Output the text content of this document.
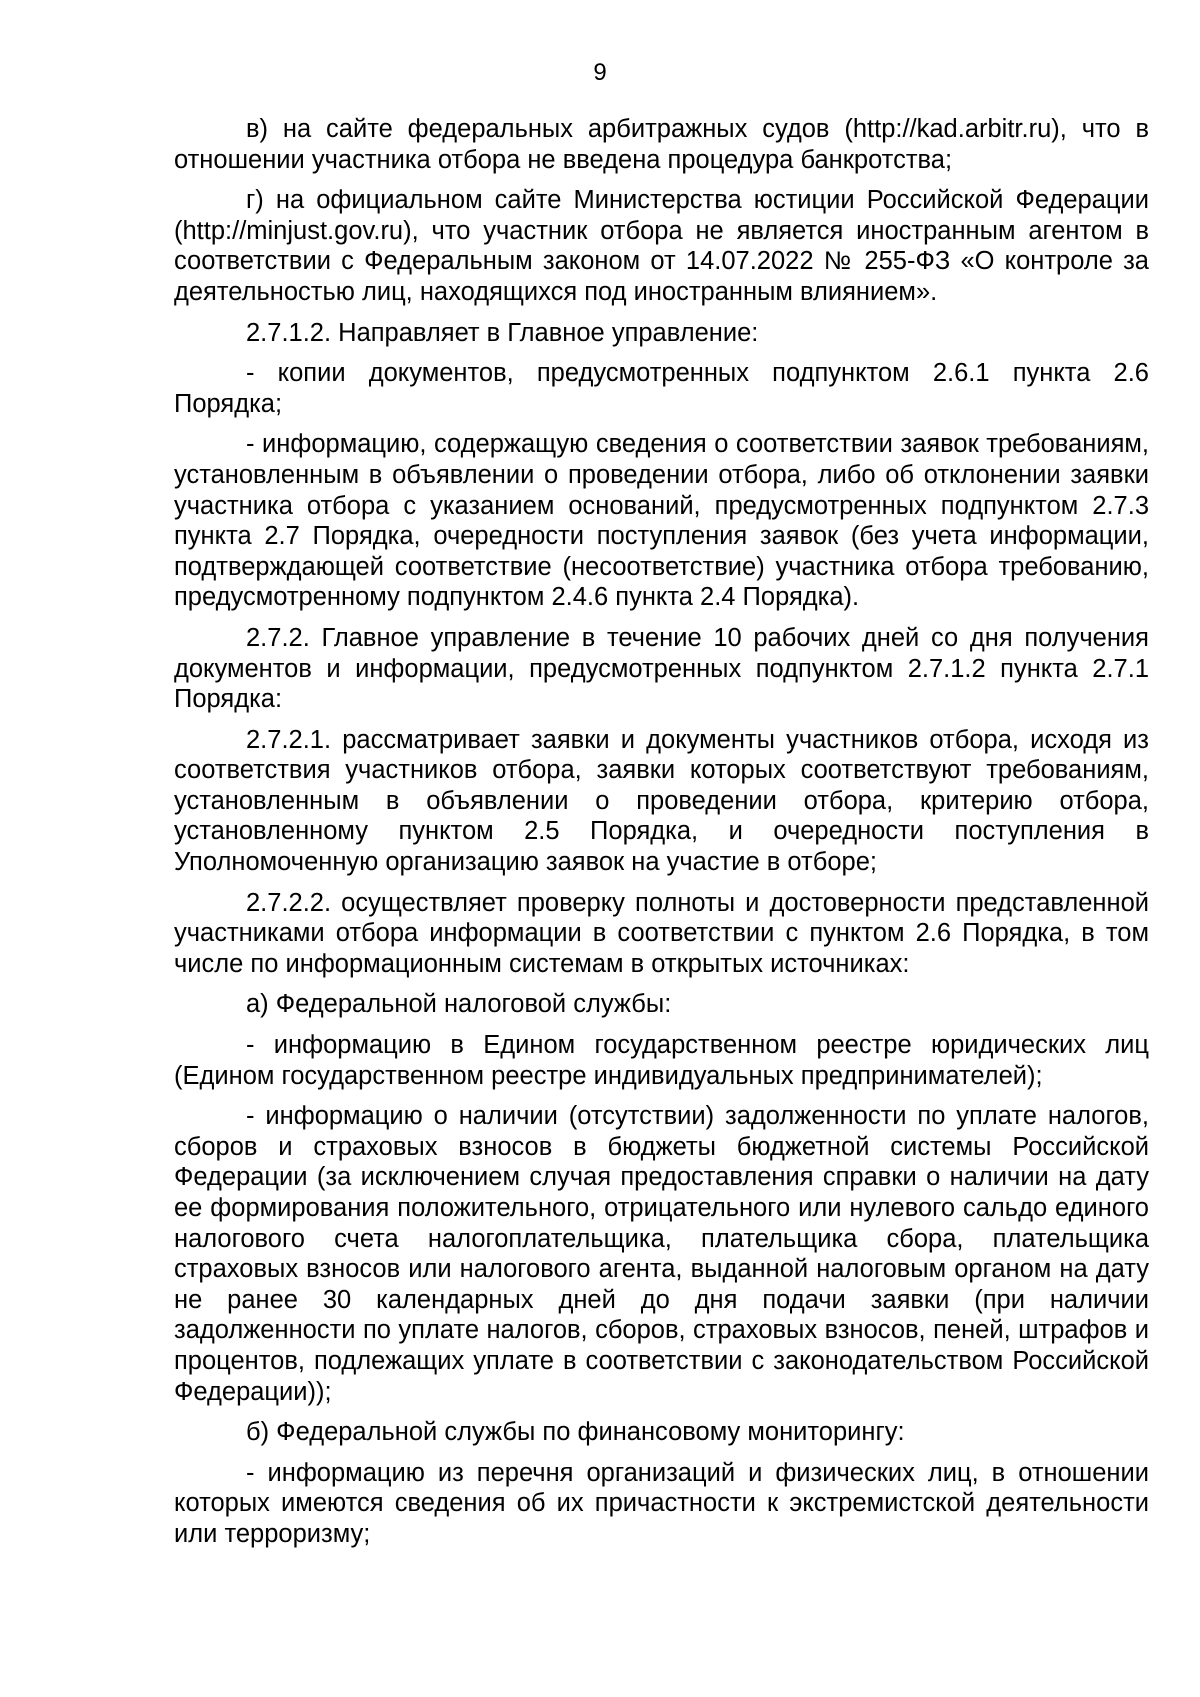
9

в) на сайте федеральных арбитражных судов (http://kad.arbitr.ru), что в отношении участника отбора не введена процедура банкротства;

г) на официальном сайте Министерства юстиции Российской Федерации (http://minjust.gov.ru), что участник отбора не является иностранным агентом в соответствии с Федеральным законом от 14.07.2022 № 255-ФЗ «О контроле за деятельностью лиц, находящихся под иностранным влиянием».

2.7.1.2. Направляет в Главное управление:

- копии документов, предусмотренных подпунктом 2.6.1 пункта 2.6 Порядка;

- информацию, содержащую сведения о соответствии заявок требованиям, установленным в объявлении о проведении отбора, либо об отклонении заявки участника отбора с указанием оснований, предусмотренных подпунктом 2.7.3 пункта 2.7 Порядка, очередности поступления заявок (без учета информации, подтверждающей соответствие (несоответствие) участника отбора требованию, предусмотренному подпунктом 2.4.6 пункта 2.4 Порядка).

2.7.2. Главное управление в течение 10 рабочих дней со дня получения документов и информации, предусмотренных подпунктом 2.7.1.2 пункта 2.7.1 Порядка:

2.7.2.1. рассматривает заявки и документы участников отбора, исходя из соответствия участников отбора, заявки которых соответствуют требованиям, установленным в объявлении о проведении отбора, критерию отбора, установленному пунктом 2.5 Порядка, и очередности поступления в Уполномоченную организацию заявок на участие в отборе;

2.7.2.2. осуществляет проверку полноты и достоверности представленной участниками отбора информации в соответствии с пунктом 2.6 Порядка, в том числе по информационным системам в открытых источниках:

а) Федеральной налоговой службы:

- информацию в Едином государственном реестре юридических лиц (Едином государственном реестре индивидуальных предпринимателей);

- информацию о наличии (отсутствии) задолженности по уплате налогов, сборов и страховых взносов в бюджеты бюджетной системы Российской Федерации (за исключением случая предоставления справки о наличии на дату ее формирования положительного, отрицательного или нулевого сальдо единого налогового счета налогоплательщика, плательщика сбора, плательщика страховых взносов или налогового агента, выданной налоговым органом на дату не ранее 30 календарных дней до дня подачи заявки (при наличии задолженности по уплате налогов, сборов, страховых взносов, пеней, штрафов и процентов, подлежащих уплате в соответствии с законодательством Российской Федерации));

б) Федеральной службы по финансовому мониторингу:

- информацию из перечня организаций и физических лиц, в отношении которых имеются сведения об их причастности к экстремистской деятельности или терроризму;
